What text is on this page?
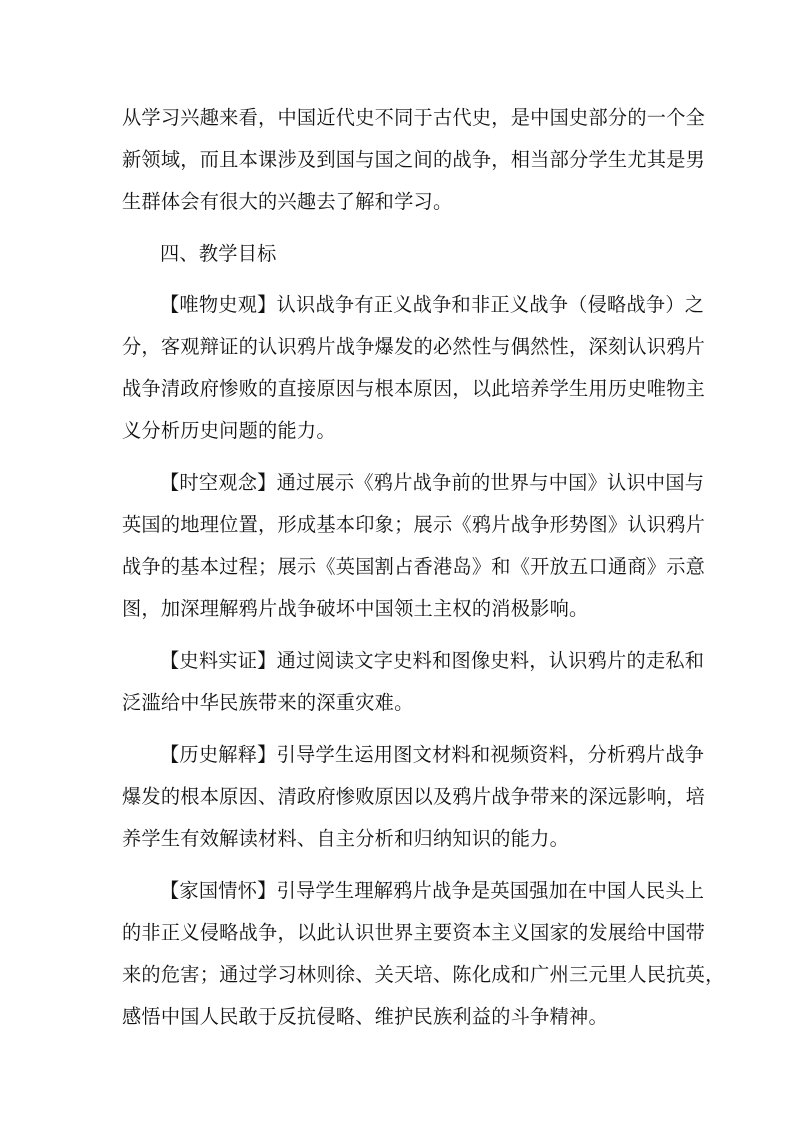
从学习兴趣来看，中国近代史不同于古代史，是中国史部分的一个全
新领域，而且本课涉及到国与国之间的战争，相当部分学生尤其是男
生群体会有很大的兴趣去了解和学习。
四、教学目标
【唯物史观】认识战争有正义战争和非正义战争（侵略战争）之
分，客观辩证的认识鸦片战争爆发的必然性与偶然性，深刻认识鸦片
战争清政府惨败的直接原因与根本原因，以此培养学生用历史唯物主
义分析历史问题的能力。
【时空观念】通过展示《鸦片战争前的世界与中国》认识中国与
英国的地理位置，形成基本印象；展示《鸦片战争形势图》认识鸦片
战争的基本过程；展示《英国割占香港岛》和《开放五口通商》示意
图，加深理解鸦片战争破坏中国领土主权的消极影响。
【史料实证】通过阅读文字史料和图像史料，认识鸦片的走私和
泛滥给中华民族带来的深重灾难。
【历史解释】引导学生运用图文材料和视频资料，分析鸦片战争
爆发的根本原因、清政府惨败原因以及鸦片战争带来的深远影响，培
养学生有效解读材料、自主分析和归纳知识的能力。
【家国情怀】引导学生理解鸦片战争是英国强加在中国人民头上
的非正义侵略战争，以此认识世界主要资本主义国家的发展给中国带
来的危害；通过学习林则徐、关天培、陈化成和广州三元里人民抗英，
感悟中国人民敢于反抗侵略、维护民族利益的斗争精神。
